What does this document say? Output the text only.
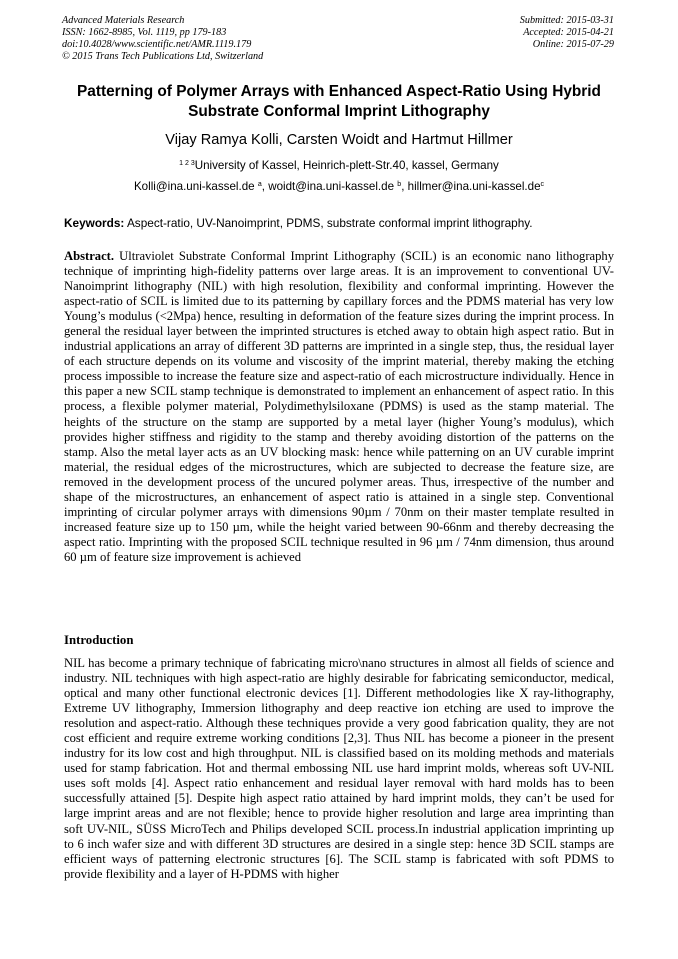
Advanced Materials Research
ISSN: 1662-8985, Vol. 1119, pp 179-183
doi:10.4028/www.scientific.net/AMR.1119.179
© 2015 Trans Tech Publications Ltd, Switzerland
Submitted: 2015-03-31
Accepted: 2015-04-21
Online: 2015-07-29
Patterning of Polymer Arrays with Enhanced Aspect-Ratio Using Hybrid
Substrate Conformal Imprint Lithography
Vijay Ramya Kolli, Carsten Woidt and Hartmut Hillmer
$^{1 2 3}$University of Kassel, Heinrich-plett-Str.40, kassel, Germany
Kolli@ina.uni-kassel.de $^a$, woidt@ina.uni-kassel.de $^b$, $hillmer@ina.uni-kassel.de^c$
Keywords: Aspect-ratio, UV-Nanoimprint, PDMS, substrate conformal imprint lithography.
Abstract. Ultraviolet Substrate Conformal Imprint Lithography (SCIL) is an economic nano lithography technique of imprinting high-fidelity patterns over large areas. It is an improvement to conventional UV-Nanoimprint lithography (NIL) with high resolution, flexibility and conformal imprinting. However the aspect-ratio of SCIL is limited due to its patterning by capillary forces and the PDMS material has very low Young’s modulus (<2Mpa) hence, resulting in deformation of the feature sizes during the imprint process. In general the residual layer between the imprinted structures is etched away to obtain high aspect ratio. But in industrial applications an array of different 3D patterns are imprinted in a single step, thus, the residual layer of each structure depends on its volume and viscosity of the imprint material, thereby making the etching process impossible to increase the feature size and aspect-ratio of each microstructure individually. Hence in this paper a new SCIL stamp technique is demonstrated to implement an enhancement of aspect ratio. In this process, a flexible polymer material, Polydimethylsiloxane (PDMS) is used as the stamp material. The heights of the structure on the stamp are supported by a metal layer (higher Young’s modulus), which provides higher stiffness and rigidity to the stamp and thereby avoiding distortion of the patterns on the stamp. Also the metal layer acts as an UV blocking mask: hence while patterning on an UV curable imprint material, the residual edges of the microstructures, which are subjected to decrease the feature size, are removed in the development process of the uncured polymer areas. Thus, irrespective of the number and shape of the microstructures, an enhancement of aspect ratio is attained in a single step. Conventional imprinting of circular polymer arrays with dimensions 90µm / 70nm on their master template resulted in increased feature size up to 150 µm, while the height varied between 90-66nm and thereby decreasing the aspect ratio. Imprinting with the proposed SCIL technique resulted in 96 µm / 74nm dimension, thus around 60 µm of feature size improvement is achieved
Introduction
NIL has become a primary technique of fabricating micro\nano structures in almost all fields of science and industry. NIL techniques with high aspect-ratio are highly desirable for fabricating semiconductor, medical, optical and many other functional electronic devices [1]. Different methodologies like X ray-lithography, Extreme UV lithography, Immersion lithography and deep reactive ion etching are used to improve the resolution and aspect-ratio. Although these techniques provide a very good fabrication quality, they are not cost efficient and require extreme working conditions [2,3]. Thus NIL has become a pioneer in the present industry for its low cost and high throughput. NIL is classified based on its molding methods and materials used for stamp fabrication. Hot and thermal embossing NIL use hard imprint molds, whereas soft UV-NIL uses soft molds [4]. Aspect ratio enhancement and residual layer removal with hard molds has to been successfully attained [5]. Despite high aspect ratio attained by hard imprint molds, they can’t be used for large imprint areas and are not flexible; hence to provide higher resolution and large area imprinting than soft UV-NIL, SÜSS MicroTech and Philips developed SCIL process.In industrial application imprinting up to 6 inch wafer size and with different 3D structures are desired in a single step: hence 3D SCIL stamps are efficient ways of patterning electronic structures [6]. The SCIL stamp is fabricated with soft PDMS to provide flexibility and a layer of H-PDMS with higher
